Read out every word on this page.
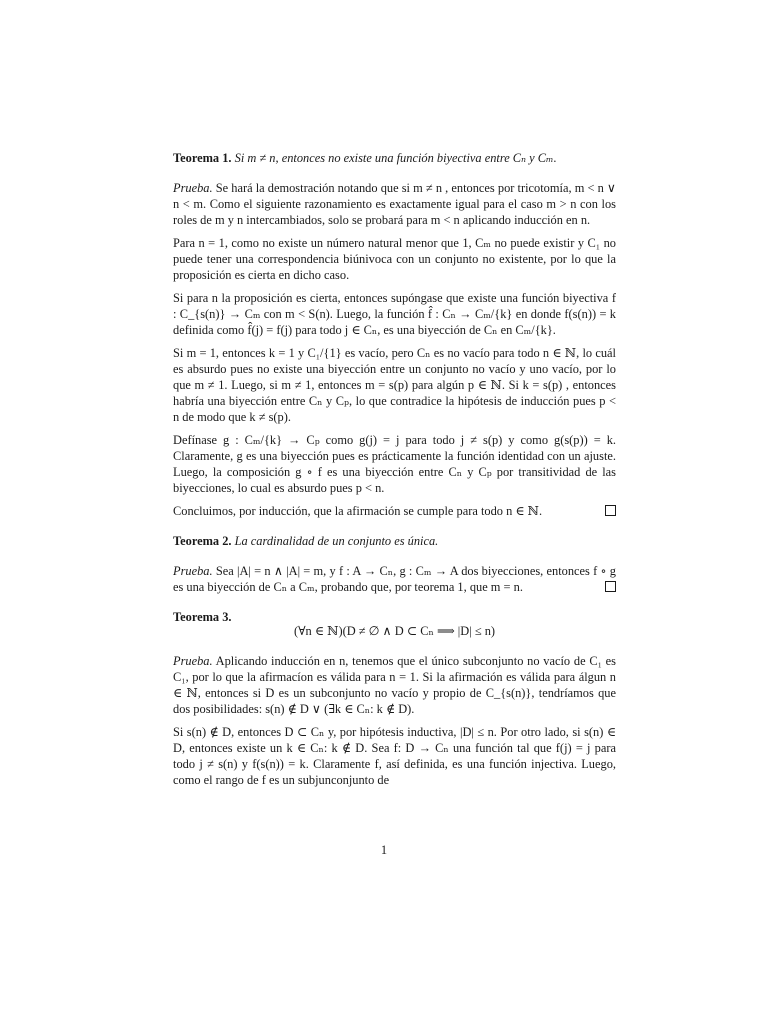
Teorema 1. Si m ≠ n, entonces no existe una función biyectiva entre Cₙ y Cₘ.

Prueba. Se hará la demostración notando que si m ≠ n , entonces por tricotomía, m < n ∨ n < m. Como el siguiente razonamiento es exactamente igual para el caso m > n con los roles de m y n intercambiados, solo se probará para m < n aplicando inducción en n.

Para n = 1, como no existe un número natural menor que 1, Cₘ no puede existir y C₁ no puede tener una correspondencia biúnivoca con un conjunto no existente, por lo que la proposición es cierta en dicho caso.

Si para n la proposición es cierta, entonces supóngase que existe una función biyectiva f : C_{s(n)} → Cₘ con m < S(n). Luego, la función f̂ : Cₙ → Cₘ/{k} en donde f(s(n)) = k definida como f̂(j) = f(j) para todo j ∈ Cₙ, es una biyección de Cₙ en Cₘ/{k}.

Si m = 1, entonces k = 1 y C₁/{1} es vacío, pero Cₙ es no vacío para todo n ∈ ℕ, lo cuál es absurdo pues no existe una biyección entre un conjunto no vacío y uno vacío, por lo que m ≠ 1. Luego, si m ≠ 1, entonces m = s(p) para algún p ∈ ℕ. Si k = s(p) , entonces habría una biyección entre Cₙ y Cₚ, lo que contradice la hipótesis de inducción pues p < n de modo que k ≠ s(p).

Defínase g : Cₘ/{k} → Cₚ como g(j) = j para todo j ≠ s(p) y como g(s(p)) = k. Claramente, g es una biyección pues es prácticamente la función identidad con un ajuste. Luego, la composición g ∘ f es una biyección entre Cₙ y Cₚ por transitividad de las biyecciones, lo cual es absurdo pues p < n.

Concluimos, por inducción, que la afirmación se cumple para todo n ∈ ℕ.

Teorema 2. La cardinalidad de un conjunto es única.

Prueba. Sea |A| = n ∧ |A| = m, y f : A → Cₙ, g : Cₘ → A dos biyecciones, entonces f ∘ g es una biyección de Cₙ a Cₘ, probando que, por teorema 1, que m = n.

Teorema 3.

(∀n ∈ ℕ)(D ≠ ∅ ∧ D ⊂ Cₙ ⟹ |D| ≤ n)

Prueba. Aplicando inducción en n, tenemos que el único subconjunto no vacío de C₁ es C₁, por lo que la afirmacíon es válida para n = 1. Si la afirmación es válida para álgun n ∈ ℕ, entonces si D es un subconjunto no vacío y propio de C_{s(n)}, tendríamos que dos posibilidades: s(n) ∉ D ∨ (∃k ∈ Cₙ: k ∉ D).

Si s(n) ∉ D, entonces D ⊂ Cₙ y, por hipótesis inductiva, |D| ≤ n. Por otro lado, si s(n) ∈ D, entonces existe un k ∈ Cₙ: k ∉ D. Sea f: D → Cₙ una función tal que f(j) = j para todo j ≠ s(n) y f(s(n)) = k. Claramente f, así definida, es una función injectiva. Luego, como el rango de f es un subjunconjunto de

1
